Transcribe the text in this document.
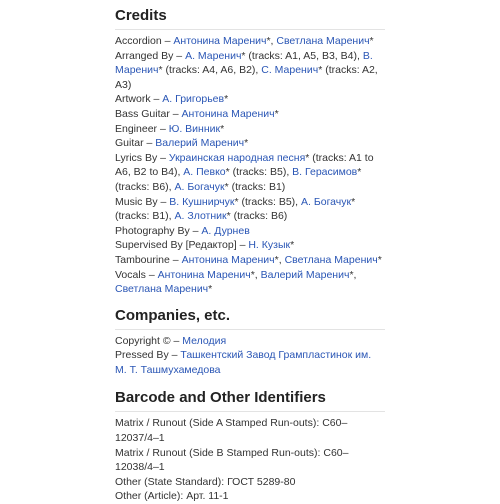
Credits
Accordion – Антонина Маренич*, Светлана Маренич*
Arranged By – А. Маренич* (tracks: A1, A5, B3, B4), В. Маренич* (tracks: A4, A6, B2), С. Маренич* (tracks: A2, A3)
Artwork – А. Григорьев*
Bass Guitar – Антонина Маренич*
Engineer – Ю. Винник*
Guitar – Валерий Маренич*
Lyrics By – Украинская народная песня* (tracks: A1 to A6, B2 to B4), А. Певко* (tracks: B5), В. Герасимов* (tracks: B6), А. Богачук* (tracks: B1)
Music By – В. Кушнирчук* (tracks: B5), А. Богачук* (tracks: B1), А. Злотник* (tracks: B6)
Photography By – А. Дурнев
Supervised By [Редактор] – Н. Кузык*
Tambourine – Антонина Маренич*, Светлана Маренич*
Vocals – Антонина Маренич*, Валерий Маренич*, Светлана Маренич*
Companies, etc.
Copyright © – Мелодия
Pressed By – Ташкентский Завод Грампластинок им. М. Т. Ташмухамедова
Barcode and Other Identifiers
Matrix / Runout (Side A Stamped Run-outs): C60–12037/4–1
Matrix / Runout (Side B Stamped Run-outs): C60–12038/4–1
Other (State Standard): ГОСТ 5289-80
Other (Article): Арт. 11-1
